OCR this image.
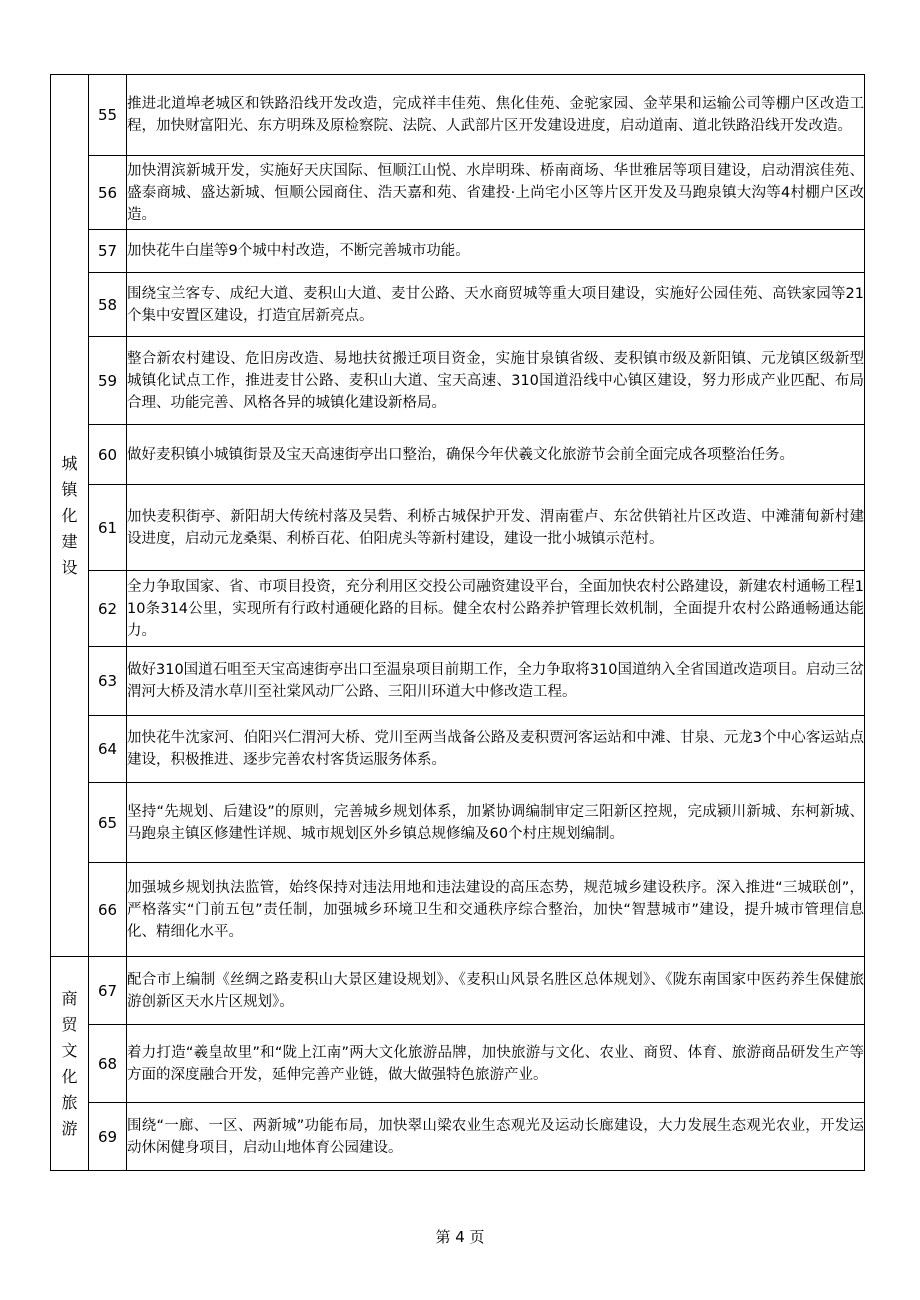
城镇化建设	55	推进北道埠老城区和铁路沿线开发改造，完成祥丰佳苑、焦化佳苑、金驼家园、金苹果和运输公司等棚户区改造工程，加快财富阳光、东方明珠及原检察院、法院、人武部片区开发建设进度，启动道南、道北铁路沿线开发改造。
	56	加快渭滨新城开发，实施好天庆国际、恒顺江山悦、水岸明珠、桥南商场、华世雅居等项目建设，启动渭滨佳苑、盛泰商城、盛达新城、恒顺公园商住、浩天嘉和苑、省建投·上尚宅小区等片区开发及马跑泉镇大沟等4村棚户区改造。
	57	加快花牛白崖等9个城中村改造，不断完善城市功能。
	58	围绕宝兰客专、成纪大道、麦积山大道、麦甘公路、天水商贸城等重大项目建设，实施好公园佳苑、高铁家园等21个集中安置区建设，打造宜居新亮点。
	59	整合新农村建设、危旧房改造、易地扶贫搬迁项目资金，实施甘泉镇省级、麦积镇市级及新阳镇、元龙镇区级新型城镇化试点工作，推进麦甘公路、麦积山大道、宝天高速、310国道沿线中心镇区建设，努力形成产业匹配、布局合理、功能完善、风格各异的城镇化建设新格局。
	60	做好麦积镇小城镇街景及宝天高速街亭出口整治，确保今年伏羲文化旅游节会前全面完成各项整治任务。
	61	加快麦积街亭、新阳胡大传统村落及吴砦、利桥古城保护开发、渭南霍卢、东岔供销社片区改造、中滩蒲甸新村建设进度，启动元龙桑渠、利桥百花、伯阳虎头等新村建设，建设一批小城镇示范村。
	62	全力争取国家、省、市项目投资，充分利用区交投公司融资建设平台，全面加快农村公路建设，新建农村通畅工程110条314公里，实现所有行政村通硬化路的目标。健全农村公路养护管理长效机制，全面提升农村公路通畅通达能力。
	63	做好310国道石咀至天宝高速街亭出口至温泉项目前期工作，全力争取将310国道纳入全省国道改造项目。启动三岔渭河大桥及清水草川至社棠风动厂公路、三阳川环道大中修改造工程。
	64	加快花牛沈家河、伯阳兴仁渭河大桥、党川至两当战备公路及麦积贾河客运站和中滩、甘泉、元龙3个中心客运站点建设，积极推进、逐步完善农村客货运服务体系。
	65	坚持“先规划、后建设”的原则，完善城乡规划体系，加紧协调编制审定三阳新区控规，完成颍川新城、东柯新城、马跑泉主镇区修建性详规、城市规划区外乡镇总规修编及60个村庄规划编制。
	66	加强城乡规划执法监管，始终保持对违法用地和违法建设的高压态势，规范城乡建设秩序。深入推进“三城联创”，严格落实“门前五包”责任制，加强城乡环境卫生和交通秩序综合整治，加快“智慧城市”建设，提升城市管理信息化、精细化水平。

商贸文化旅游	67	配合市上编制《丝绸之路麦积山大景区建设规划》、《麦积山风景名胜区总体规划》、《陇东南国家中医药养生保健旅游创新区天水片区规划》。
	68	着力打造“羲皇故里”和“陇上江南”两大文化旅游品牌，加快旅游与文化、农业、商贸、体育、旅游商品研发生产等方面的深度融合开发，延伸完善产业链，做大做强特色旅游产业。
	69	围绕“一廊、一区、两新城”功能布局，加快翠山梁农业生态观光及运动长廊建设，大力发展生态观光农业，开发运动休闲健身项目，启动山地体育公园建设。
第 4 页
